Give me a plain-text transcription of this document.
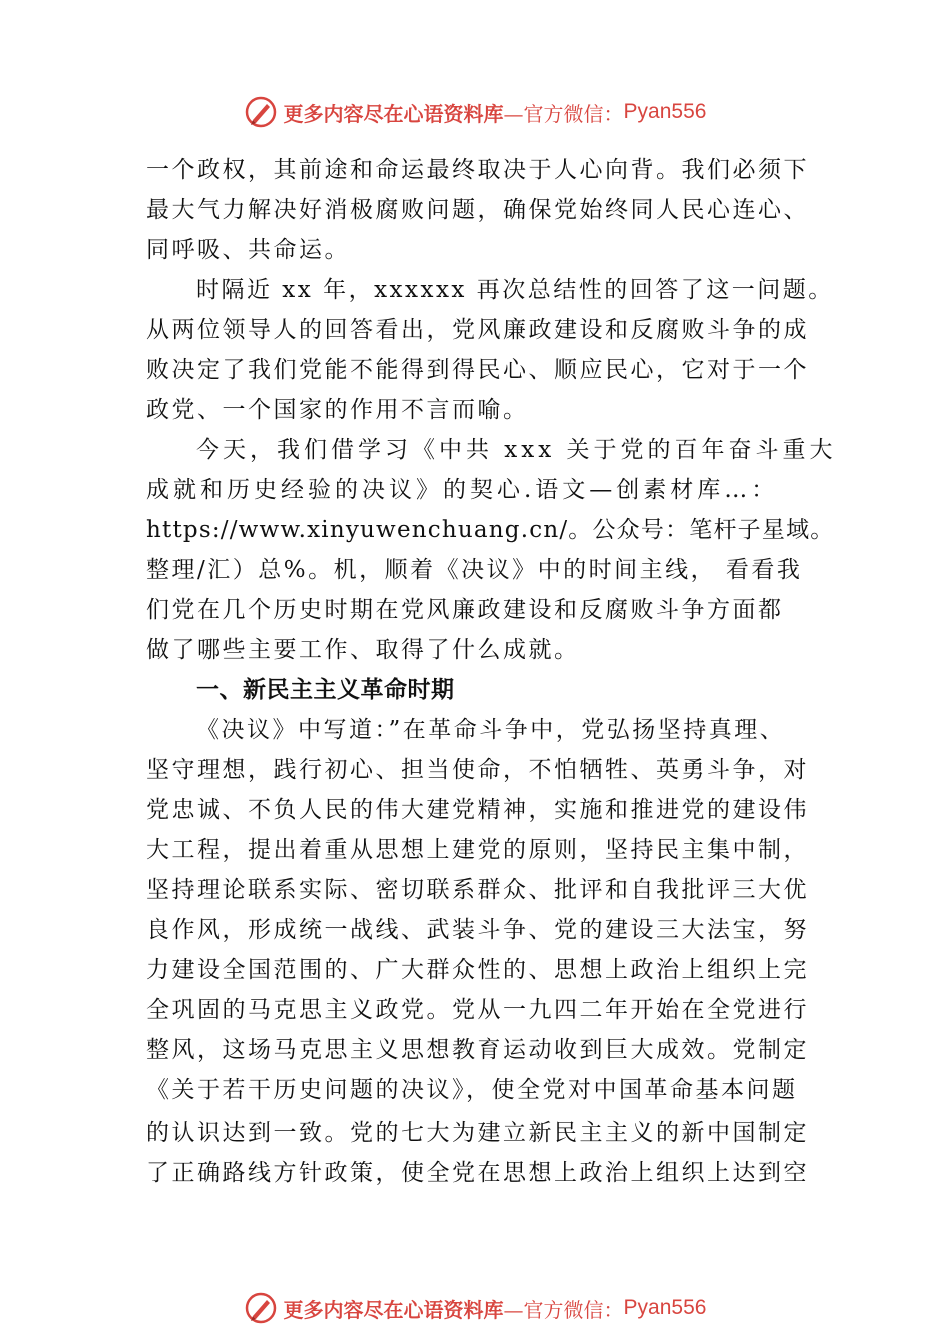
更多内容尽在心语资料库 —官方微信： Pyan556
一个政权，其前途和命运最终取决于人心向背。我们必须下
最大气力解决好消极腐败问题，确保党始终同人民心连心、
同呼吸、共命运。
时隔近 xx 年，xxxxxx 再次总结性的回答了这一问题。
从两位领导人的回答看出，党风廉政建设和反腐败斗争的成
败决定了我们党能不能得到得民心、顺应民心，它对于一个
政党、一个国家的作用不言而喻。
今天，我们借学习《中共 xxx 关于党的百年奋斗重大
成就和历史经验的决议》的契心.语文—创素材库…：
https://www.xinyuwenchuang.cn/。公众号：笔杆子星域。
整理/汇）总%。机，顺着《决议》中的时间主线， 看看我
们党在几个历史时期在党风廉政建设和反腐败斗争方面都
做了哪些主要工作、取得了什么成就。
一、新民主主义革命时期
《决议》中写道：”在革命斗争中，党弘扬坚持真理、
坚守理想，践行初心、担当使命，不怕牺牲、英勇斗争，对
党忠诚、不负人民的伟大建党精神，实施和推进党的建设伟
大工程，提出着重从思想上建党的原则，坚持民主集中制，
坚持理论联系实际、密切联系群众、批评和自我批评三大优
良作风，形成统一战线、武装斗争、党的建设三大法宝，努
力建设全国范围的、广大群众性的、思想上政治上组织上完
全巩固的马克思主义政党。党从一九四二年开始在全党进行
整风，这场马克思主义思想教育运动收到巨大成效。党制定
《关于若干历史问题的决议》，使全党对中国革命基本问题
的认识达到一致。党的七大为建立新民主主义的新中国制定
了正确路线方针政策，使全党在思想上政治上组织上达到空
更多内容尽在心语资料库 —官方微信： Pyan556
